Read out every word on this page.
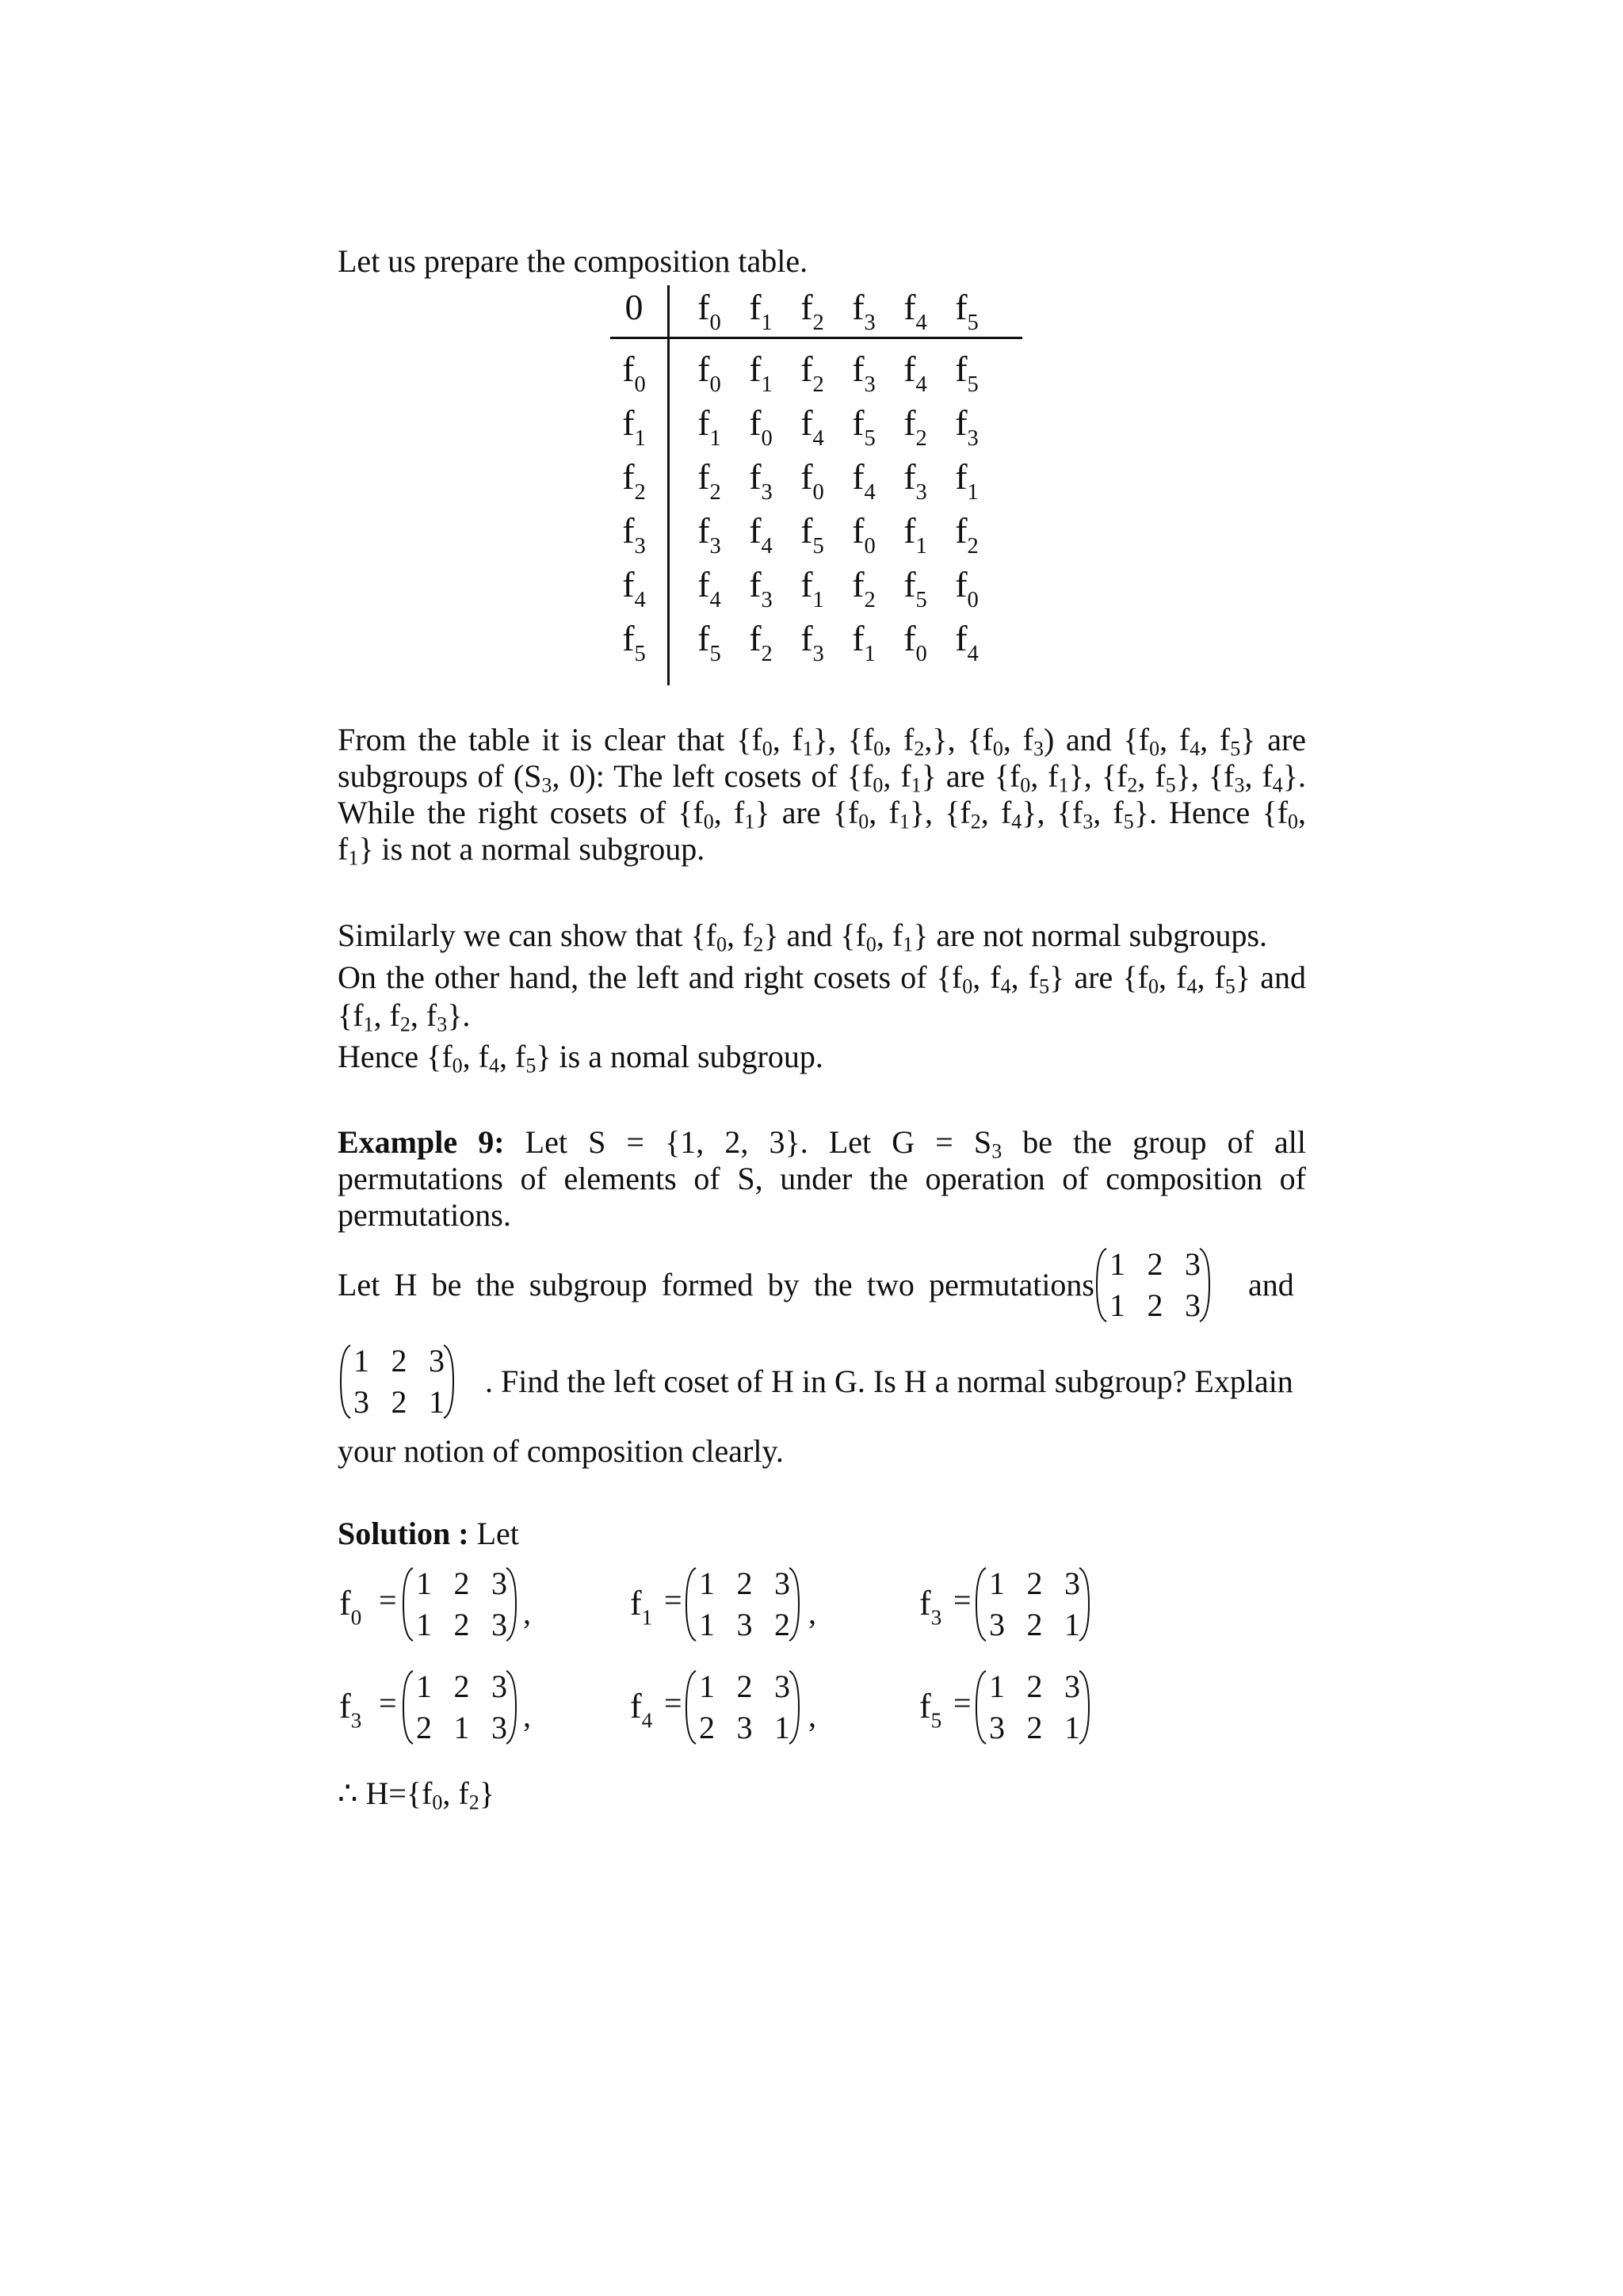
Let us prepare the composition table.
0 $f_0$ $f_1$ $f_2$ $f_3$ $f_4$ $f_5$
$f_0$ $f_0$ $f_1$ $f_2$ $f_3$ $f_4$ $f_5$
$f_1$ $f_1$ $f_0$ $f_4$ $f_5$ $f_2$ $f_3$
$f_2$ $f_2$ $f_3$ $f_0$ $f_4$ $f_3$ $f_1$
$f_3$ $f_3$ $f_4$ $f_5$ $f_0$ $f_1$ $f_2$
$f_4$ $f_4$ $f_3$ $f_1$ $f_2$ $f_5$ $f_0$
$f_5$ $f_5$ $f_2$ $f_3$ $f_1$ $f_0$ $f_4$
From the table it is clear that {$f_0$, $f_1$}, {$f_0$, $f_2$,}, {$f_0$, $f_3$) and {$f_0$, $f_4$, $f_5$} are
subgroups of ($S_3$, 0): The left cosets of {$f_0$, $f_1$} are {$f_0$, $f_1$}, {$f_2$, $f_5$}, {$f_3$, $f_4$}.
While the right cosets of {$f_0$, $f_1$} are {$f_0$, $f_1$}, {$f_2$, $f_4$}, {$f_3$, $f_5$}. Hence {$f_0$,
$f_1$} is not a normal subgroup.
Similarly we can show that {$f_0$, $f_2$} and {$f_0$, $f_1$} are not normal subgroups.
On the other hand, the left and right cosets of {$f_0$, $f_4$, $f_5$} are {$f_0$, $f_4$, $f_5$} and
{$f_1$, $f_2$, $f_3$}.
Hence {$f_0$, $f_4$, $f_5$} is a nomal subgroup.
Example 9: Let S = {1, 2, 3}. Let $G = S_3$ be the group of all
permutations of elements of S, under the operation of composition of
permutations.
Let H be the subgroup formed by the two permutations
1 2 3
1 2 3
and
1 2 3
3 2 1
. Find the left coset of H in G. Is H a normal subgroup? Explain
your notion of composition clearly.
Solution : Let
$f_0 = 1$ 2 3
1 2 3 ,	$f_1 = 1$ 2 3
1 3 2 ,	$f_3 = 1$ 2 3
3 2 1
$f_3 = 1$ 2 3
2 1 3 ,	$f_4 = 1$ 2 3
2 3 1 ,	$f_5 = 1$ 2 3
3 2 1
∴ $H=\{f_0$, $f_2$}
